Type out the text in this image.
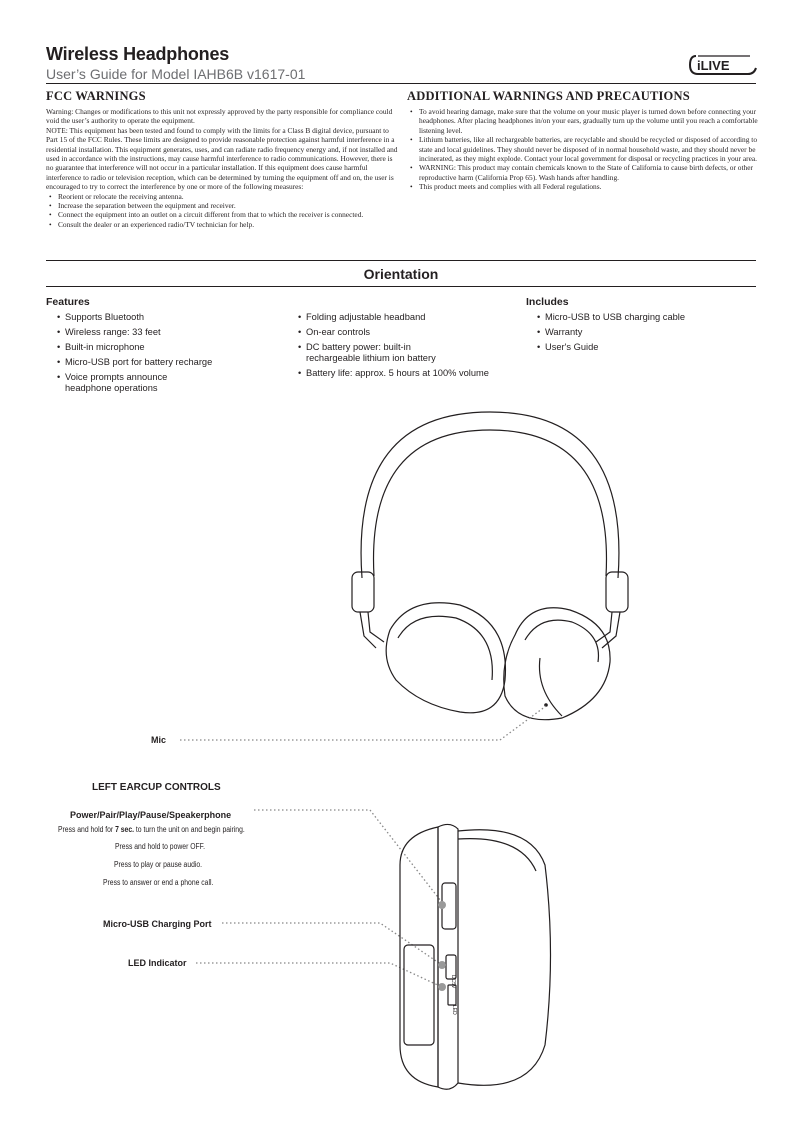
Wireless Headphones
User’s Guide for Model IAHB6B v1617-01
iLIVE
FCC WARNINGS

Warning: Changes or modifications to this unit not expressly approved by the party responsible for compliance could void the user’s authority to operate the equipment.

NOTE: This equipment has been tested and found to comply with the limits for a Class B digital device, pursuant to Part 15 of the FCC Rules. These limits are designed to provide reasonable protection against harmful interference in a residential installation. This equipment generates, uses, and can radiate radio frequency energy and, if not installed and used in accordance with the instructions, may cause harmful interference to radio communications. However, there is no guarantee that interference will not occur in a particular installation. If this equipment does cause harmful interference to radio or television reception, which can be determined by turning the equipment off and on, the user is encouraged to try to correct the interference by one or more of the following measures:

• Reorient or relocate the receiving antenna.
• Increase the separation between the equipment and receiver.
• Connect the equipment into an outlet on a circuit different from that to which the receiver is connected.
• Consult the dealer or an experienced radio/TV technician for help.
ADDITIONAL WARNINGS AND PRECAUTIONS
• To avoid hearing damage, make sure that the volume on your music player is turned down before connecting your headphones. After placing headphones in/on your ears, gradually turn up the volume until you reach a comfortable listening level.
• Lithium batteries, like all rechargeable batteries, are recyclable and should be recycled or disposed of according to state and local guidelines. They should never be disposed of in normal household waste, and they should never be incinerated, as they might explode. Contact your local government for disposal or recycling practices in your area.
• WARNING: This product may contain chemicals known to the State of California to cause birth defects, or other reproductive harm (California Prop 65). Wash hands after handling.
• This product meets and complies with all Federal regulations.
Orientation
Features
• Supports Bluetooth
• Wireless range: 33 feet
• Built-in microphone
• Micro-USB port for battery recharge
• Voice prompts announce headphone operations
• Folding adjustable headband
• On-ear controls
• DC battery power: built-in rechargeable lithium ion battery
• Battery life: approx. 5 hours at 100% volume
Includes
• Micro-USB to USB charging cable
• Warranty
• User's Guide
Mic
LEFT EARCUP CONTROLS
Power/Pair/Play/Pause/Speakerphone
Press and hold for 7 sec. to turn the unit on and begin pairing.
Press and hold to power OFF.
Press to play or pause audio.
Press to answer or end a phone call.
Micro-USB Charging Port
LED Indicator
DC5V
LED
